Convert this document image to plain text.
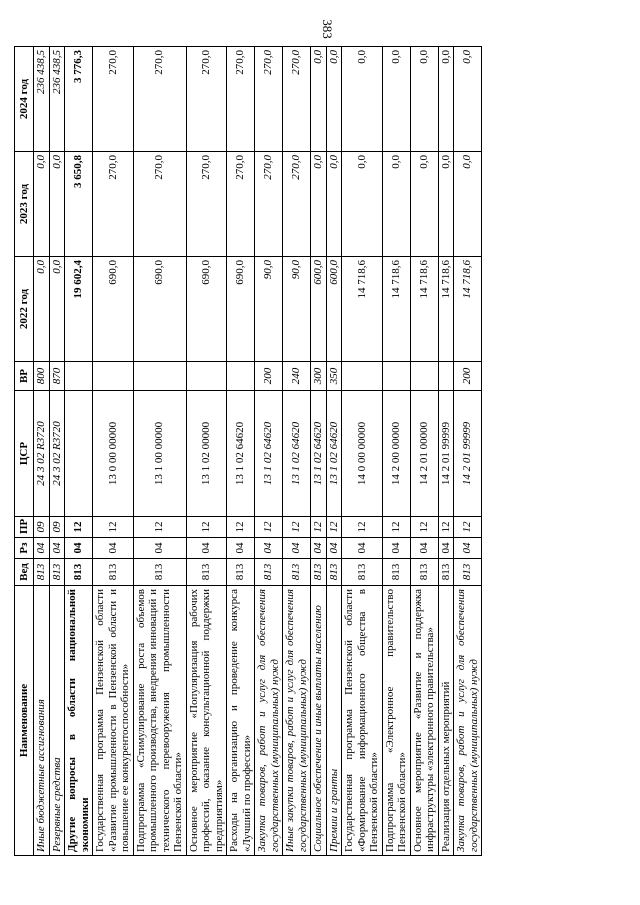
383
Наименование	Вед	Рз	ПР	ЦСР	ВР	2022 год	2023 год	2024 год
Иные бюджетные ассигнования	813	04	09	24 3 02 R3720	800	0,0	0,0	236 438,5
Резервные средства	813	04	09	24 3 02 R3720	870	0,0	0,0	236 438,5
Другие вопросы в области национальной экономики	813	04	12			19 602,4	3 650,8	3 776,3
Государственная программа Пензенской области «Развитие промышленности в Пензенской области и повышение ее конкурентоспособности»	813	04	12	13 0 00 00000		690,0	270,0	270,0
Подпрограмма «Стимулирование роста объемов промышленного производства, внедрения инноваций и технического перевооружения промышленности Пензенской области»	813	04	12	13 1 00 00000		690,0	270,0	270,0
Основное мероприятие «Популяризация рабочих профессий, оказание консультационной поддержки предприятиям»	813	04	12	13 1 02 00000		690,0	270,0	270,0
Расходы на организацию и проведение конкурса «Лучший по профессии»	813	04	12	13 1 02 64620		690,0	270,0	270,0
Закупка товаров, работ и услуг для обеспечения государственных (муниципальных) нужд	813	04	12	13 1 02 64620	200	90,0	270,0	270,0
Иные закупки товаров, работ и услуг для обеспечения государственных (муниципальных) нужд	813	04	12	13 1 02 64620	240	90,0	270,0	270,0
Социальное обеспечение и иные выплаты населению	813	04	12	13 1 02 64620	300	600,0	0,0	0,0
Премии и гранты	813	04	12	13 1 02 64620	350	600,0	0,0	0,0
Государственная программа Пензенской области «Формирование информационного общества в Пензенской области»	813	04	12	14 0 00 00000		14 718,6	0,0	0,0
Подпрограмма «Электронное правительство Пензенской области»	813	04	12	14 2 00 00000		14 718,6	0,0	0,0
Основное мероприятие «Развитие и поддержка инфраструктуры «электронного правительства»	813	04	12	14 2 01 00000		14 718,6	0,0	0,0
Реализация отдельных мероприятий	813	04	12	14 2 01 99999		14 718,6	0,0	0,0
Закупка товаров, работ и услуг для обеспечения государственных (муниципальных) нужд	813	04	12	14 2 01 99999	200	14 718,6	0,0	0,0
